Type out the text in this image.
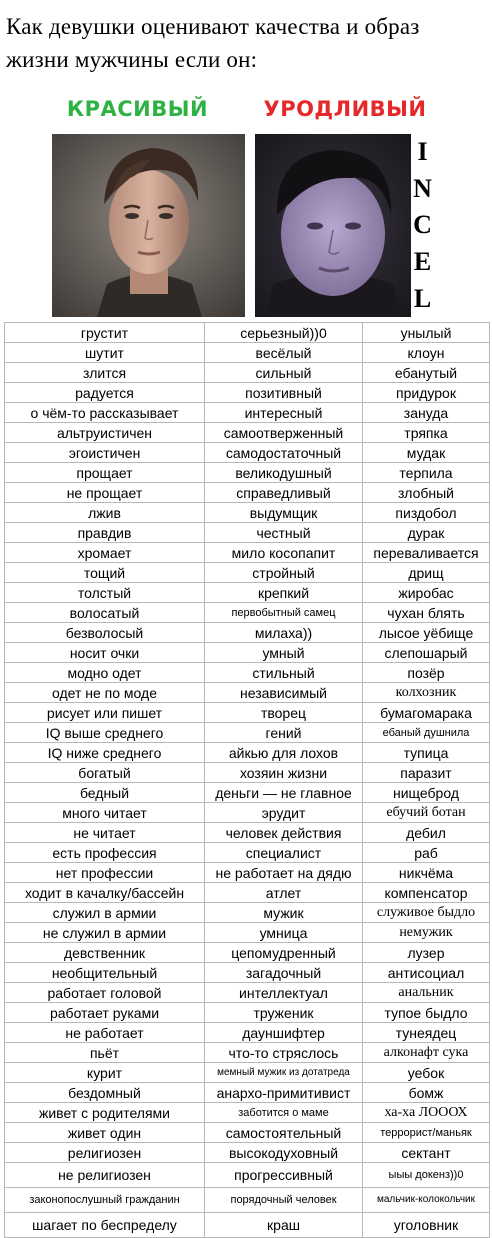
Как девушки оценивают качества и образ жизни мужчины если он:
КРАСИВЫЙ	УРОДЛИВЫЙ
I
N
C
E
L
грустит	серьезный))0	унылый
шутит	весёлый	клоун
злится	сильный	ебанутый
радуется	позитивный	придурок
о чём-то рассказывает	интересный	зануда
альтруистичен	самоотверженный	тряпка
эгоистичен	самодостаточный	мудак
прощает	великодушный	терпила
не прощает	справедливый	злобный
лжив	выдумщик	пиздобол
правдив	честный	дурак
хромает	мило косопапит	переваливается
тощий	стройный	дрищ
толстый	крепкий	жиробас
волосатый	первобытный самец	чухан блять
безволосый	милаха))	лысое уёбище
носит очки	умный	слепошарый
модно одет	стильный	позёр
одет не по моде	независимый	колхозник
рисует или пишет	творец	бумагомарака
IQ выше среднего	гений	ебаный душнила
IQ ниже среднего	айкью для лохов	тупица
богатый	хозяин жизни	паразит
бедный	деньги — не главное	нищеброд
много читает	эрудит	ебучий ботан
не читает	человек действия	дебил
есть профессия	специалист	раб
нет профессии	не работает на дядю	никчёма
ходит в качалку/бассейн	атлет	компенсатор
служил в армии	мужик	служивое быдло
не служил в армии	умница	немужик
девственник	цепомудренный	лузер
необщительный	загадочный	антисоциал
работает головой	интеллектуал	анальник
работает руками	труженик	тупое быдло
не работает	дауншифтер	тунеядец
пьёт	что-то стряслось	алконафт сука
курит	мемный мужик из дотатреда	уебок
бездомный	анархо-примитивист	бомж
живет с родителями	заботится о маме	ха-ха ЛОООХ
живет один	самостоятельный	террорист/маньяк
религиозен	высокодуховный	сектант
не религиозен	прогрессивный	ыыы докенз))0
законопослушный гражданин	порядочный человек	мальчик-колокольчик
шагает по беспределу	краш	уголовник
